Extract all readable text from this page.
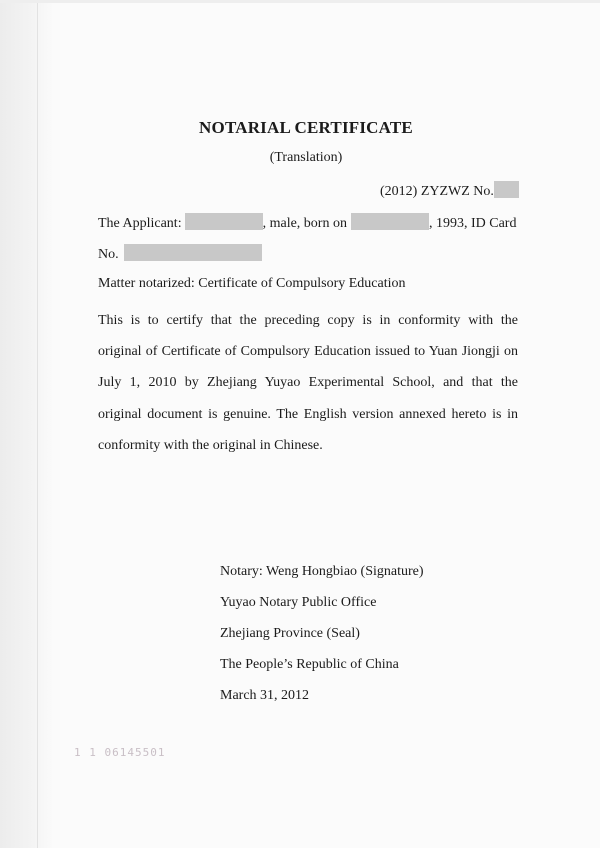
NOTARIAL CERTIFICATE
(Translation)
(2012) ZYZWZ No.
The Applicant:	, male, born on	, 1993, ID Card
No.
Matter notarized: Certificate of Compulsory Education
This is to certify that the preceding copy is in conformity with the
original of Certificate of Compulsory Education issued to Yuan Jiongji on
July 1, 2010 by Zhejiang Yuyao Experimental School, and that the
original document is genuine. The English version annexed hereto is in
conformity with the original in Chinese.
Notary: Weng Hongbiao (Signature)
Yuyao Notary Public Office
Zhejiang Province (Seal)
The People’s Republic of China
March 31, 2012
1 1 06145501
